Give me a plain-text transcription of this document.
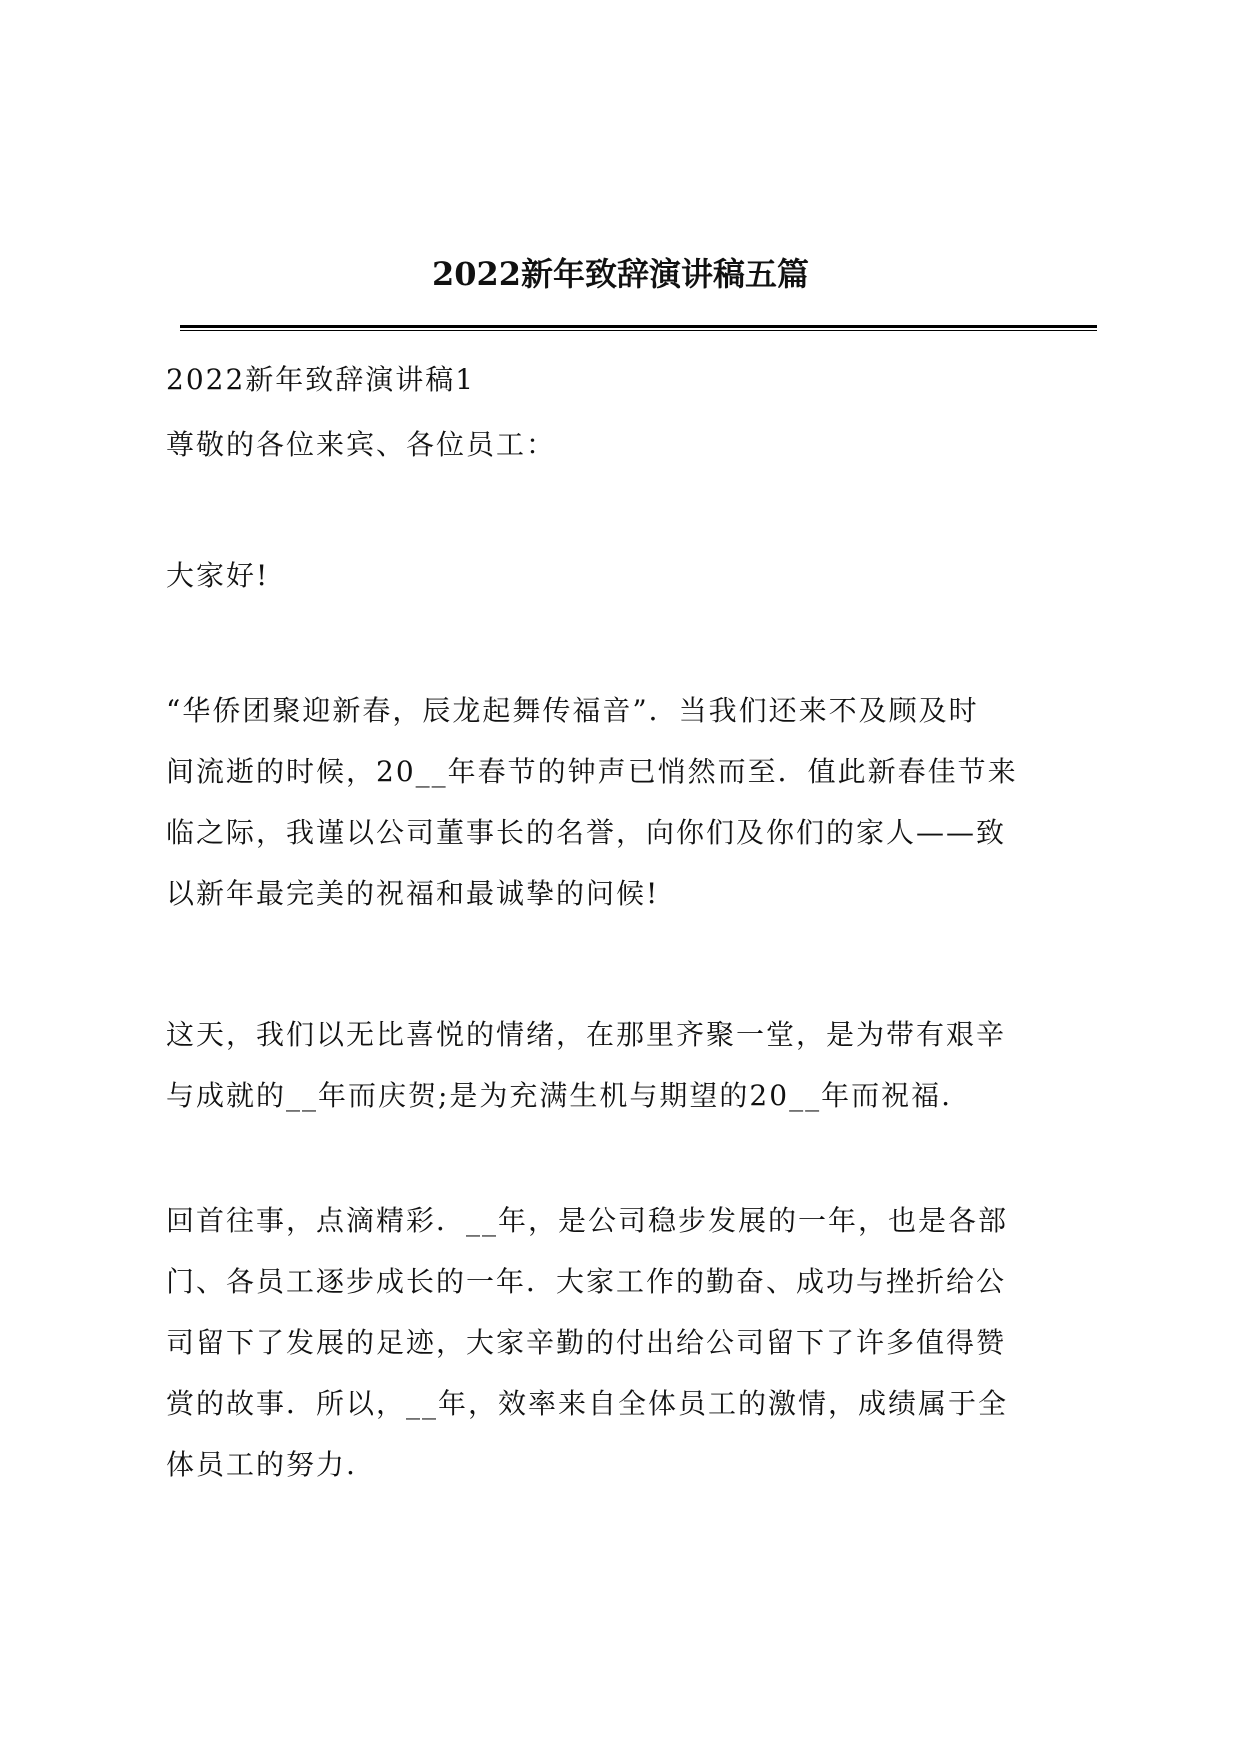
2022新年致辞演讲稿五篇
2022新年致辞演讲稿1
尊敬的各位来宾、各位员工：
大家好!
“华侨团聚迎新春，辰龙起舞传福音”．当我们还来不及顾及时
间流逝的时候，20__年春节的钟声已悄然而至．值此新春佳节来
临之际，我谨以公司董事长的名誉，向你们及你们的家人——致
以新年最完美的祝福和最诚挚的问候!
这天，我们以无比喜悦的情绪，在那里齐聚一堂，是为带有艰辛
与成就的__年而庆贺;是为充满生机与期望的20__年而祝福.
回首往事，点滴精彩．__年，是公司稳步发展的一年，也是各部
门、各员工逐步成长的一年．大家工作的勤奋、成功与挫折给公
司留下了发展的足迹，大家辛勤的付出给公司留下了许多值得赞
赏的故事．所以，__年，效率来自全体员工的激情，成绩属于全
体员工的努力.
